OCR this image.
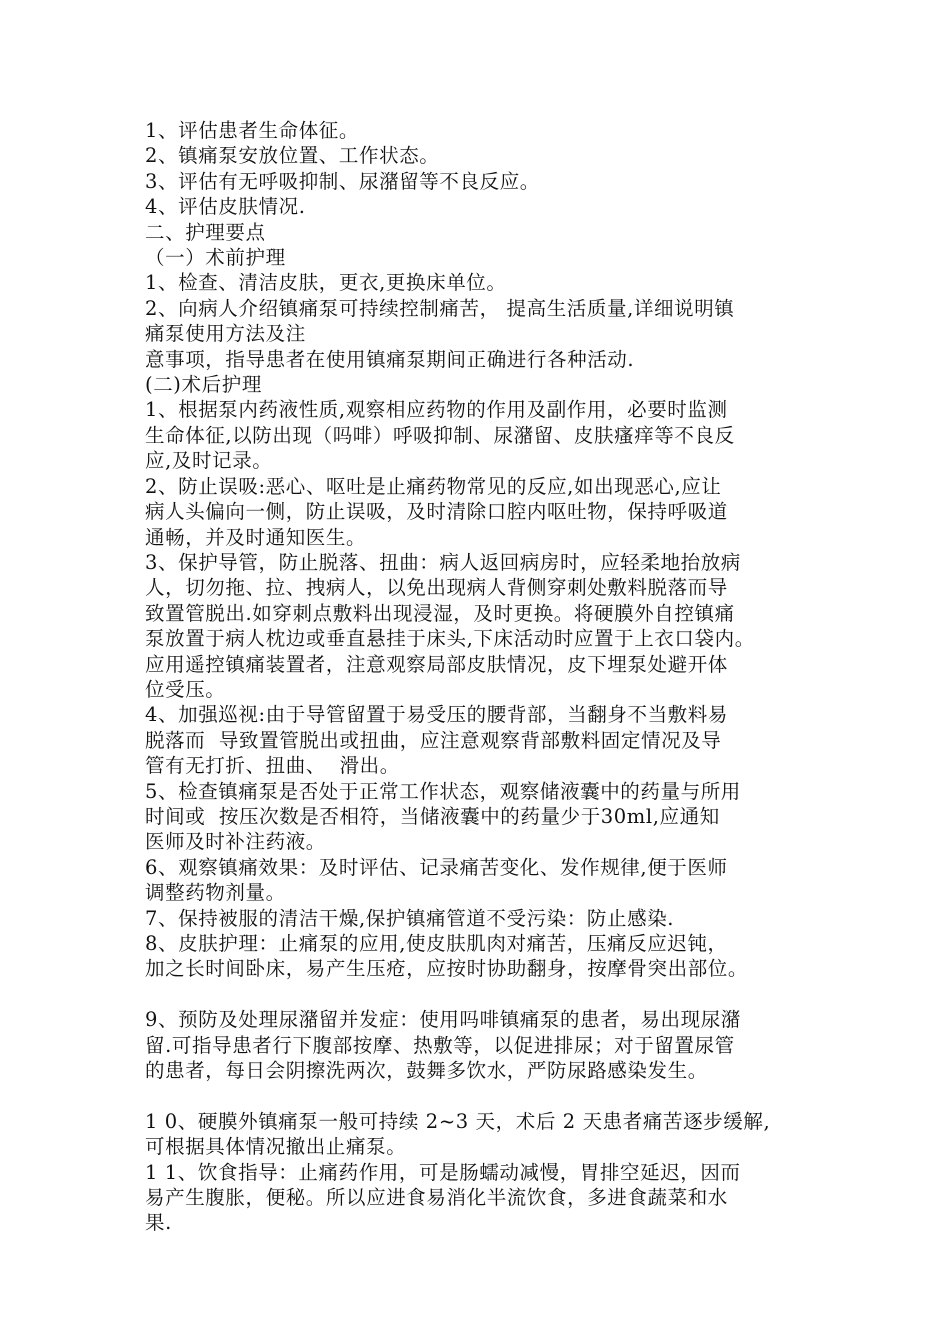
1、评估患者生命体征。
2、镇痛泵安放位置、工作状态。
3、评估有无呼吸抑制、尿潴留等不良反应。
4、评估皮肤情况.
二、护理要点
（一）术前护理
1、检查、清洁皮肤，更衣,更换床单位。
2、向病人介绍镇痛泵可持续控制痛苦， 提高生活质量,详细说明镇
痛泵使用方法及注
意事项，指导患者在使用镇痛泵期间正确进行各种活动.
(二)术后护理
1、根据泵内药液性质,观察相应药物的作用及副作用，必要时监测
生命体征,以防出现（吗啡）呼吸抑制、尿潴留、皮肤瘙痒等不良反
应,及时记录。
2、防止误吸:恶心、呕吐是止痛药物常见的反应,如出现恶心,应让
病人头偏向一侧，防止误吸，及时清除口腔内呕吐物，保持呼吸道
通畅，并及时通知医生。
3、保护导管，防止脱落、扭曲：病人返回病房时，应轻柔地抬放病
人，切勿拖、拉、拽病人，以免出现病人背侧穿刺处敷料脱落而导
致置管脱出.如穿刺点敷料出现浸湿，及时更换。将硬膜外自控镇痛
泵放置于病人枕边或垂直悬挂于床头,下床活动时应置于上衣口袋内。
应用遥控镇痛装置者，注意观察局部皮肤情况，皮下埋泵处避开体
位受压。
4、加强巡视:由于导管留置于易受压的腰背部，当翻身不当敷料易
脱落而  导致置管脱出或扭曲，应注意观察背部敷料固定情况及导
管有无打折、扭曲、  滑出。
5、检查镇痛泵是否处于正常工作状态，观察储液囊中的药量与所用
时间或  按压次数是否相符，当储液囊中的药量少于30ml,应通知
医师及时补注药液。
6、观察镇痛效果：及时评估、记录痛苦变化、发作规律,便于医师
调整药物剂量。
7、保持被服的清洁干燥,保护镇痛管道不受污染：防止感染.
8、皮肤护理：止痛泵的应用,使皮肤肌肉对痛苦，压痛反应迟钝，
加之长时间卧床，易产生压疮，应按时协助翻身，按摩骨突出部位。
9、预防及处理尿潴留并发症：使用吗啡镇痛泵的患者，易出现尿潴
留.可指导患者行下腹部按摩、热敷等，以促进排尿；对于留置尿管
的患者，每日会阴擦洗两次，鼓舞多饮水，严防尿路感染发生。
1 0、硬膜外镇痛泵一般可持续 2~3 天，术后 2 天患者痛苦逐步缓解,
可根据具体情况撤出止痛泵。
1 1、饮食指导：止痛药作用，可是肠蠕动减慢，胃排空延迟，因而
易产生腹胀，便秘。所以应进食易消化半流饮食，多进食蔬菜和水
果.
